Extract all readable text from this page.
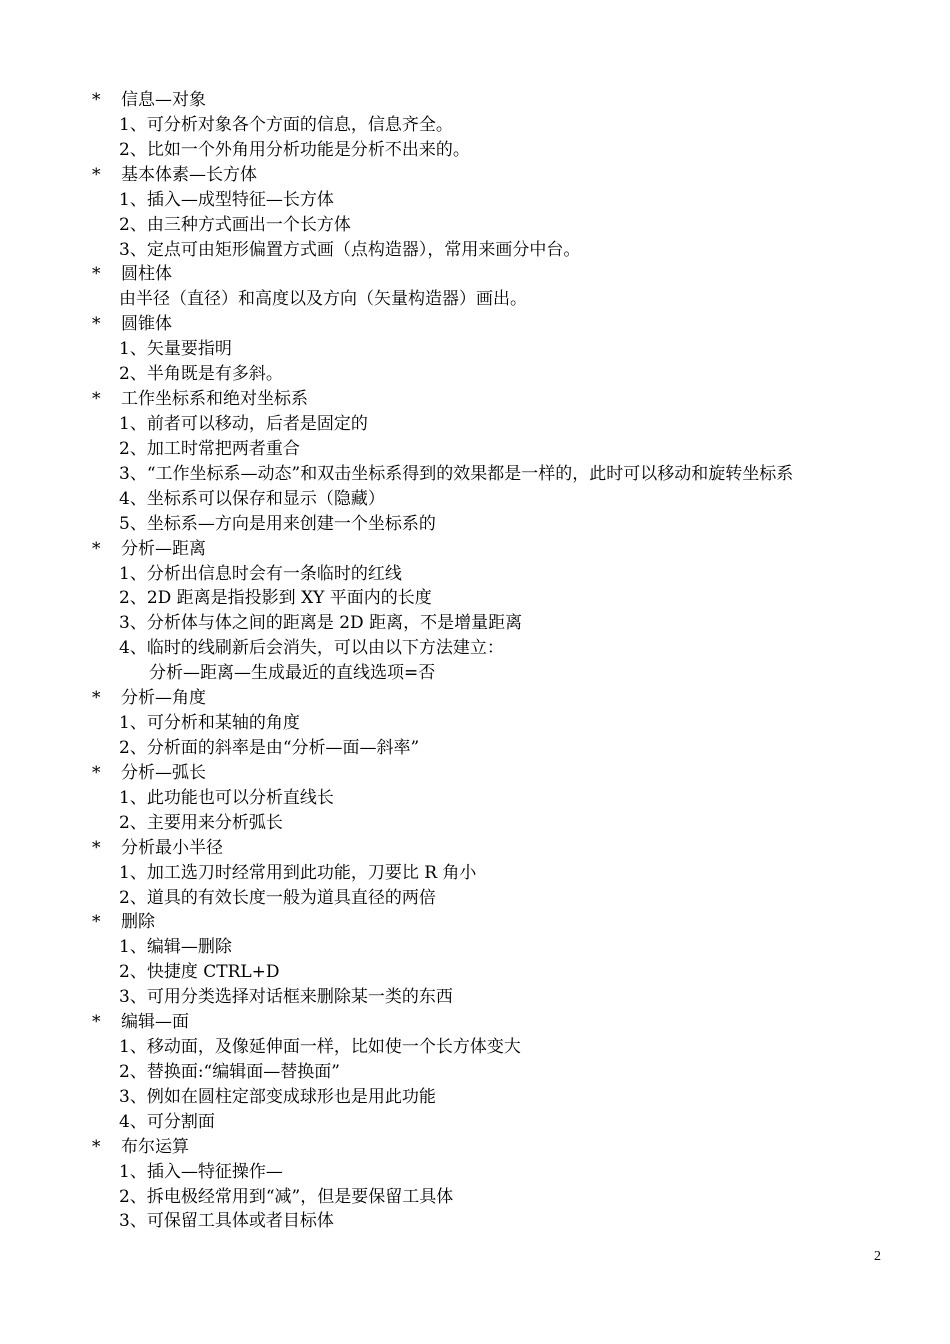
* 信息—对象
1、可分析对象各个方面的信息，信息齐全。
2、比如一个外角用分析功能是分析不出来的。
* 基本体素—长方体
1、插入—成型特征—长方体
2、由三种方式画出一个长方体
3、定点可由矩形偏置方式画（点构造器），常用来画分中台。
* 圆柱体
由半径（直径）和高度以及方向（矢量构造器）画出。
* 圆锥体
1、矢量要指明
2、半角既是有多斜。
* 工作坐标系和绝对坐标系
1、前者可以移动，后者是固定的
2、加工时常把两者重合
3、“工作坐标系—动态”和双击坐标系得到的效果都是一样的，此时可以移动和旋转坐标系
4、坐标系可以保存和显示（隐藏）
5、坐标系—方向是用来创建一个坐标系的
* 分析—距离
1、分析出信息时会有一条临时的红线
2、2D 距离是指投影到 XY 平面内的长度
3、分析体与体之间的距离是 2D 距离，不是增量距离
4、临时的线刷新后会消失，可以由以下方法建立：
分析—距离—生成最近的直线选项=否
* 分析—角度
1、可分析和某轴的角度
2、分析面的斜率是由“分析—面—斜率”
* 分析—弧长
1、此功能也可以分析直线长
2、主要用来分析弧长
* 分析最小半径
1、加工选刀时经常用到此功能，刀要比 R 角小
2、道具的有效长度一般为道具直径的两倍
* 删除
1、编辑—删除
2、快捷度 CTRL+D
3、可用分类选择对话框来删除某一类的东西
* 编辑—面
1、移动面，及像延伸面一样，比如使一个长方体变大
2、替换面:“编辑面—替换面”
3、例如在圆柱定部变成球形也是用此功能
4、可分割面
* 布尔运算
1、插入—特征操作—
2、拆电极经常用到“减”，但是要保留工具体
3、可保留工具体或者目标体
2
